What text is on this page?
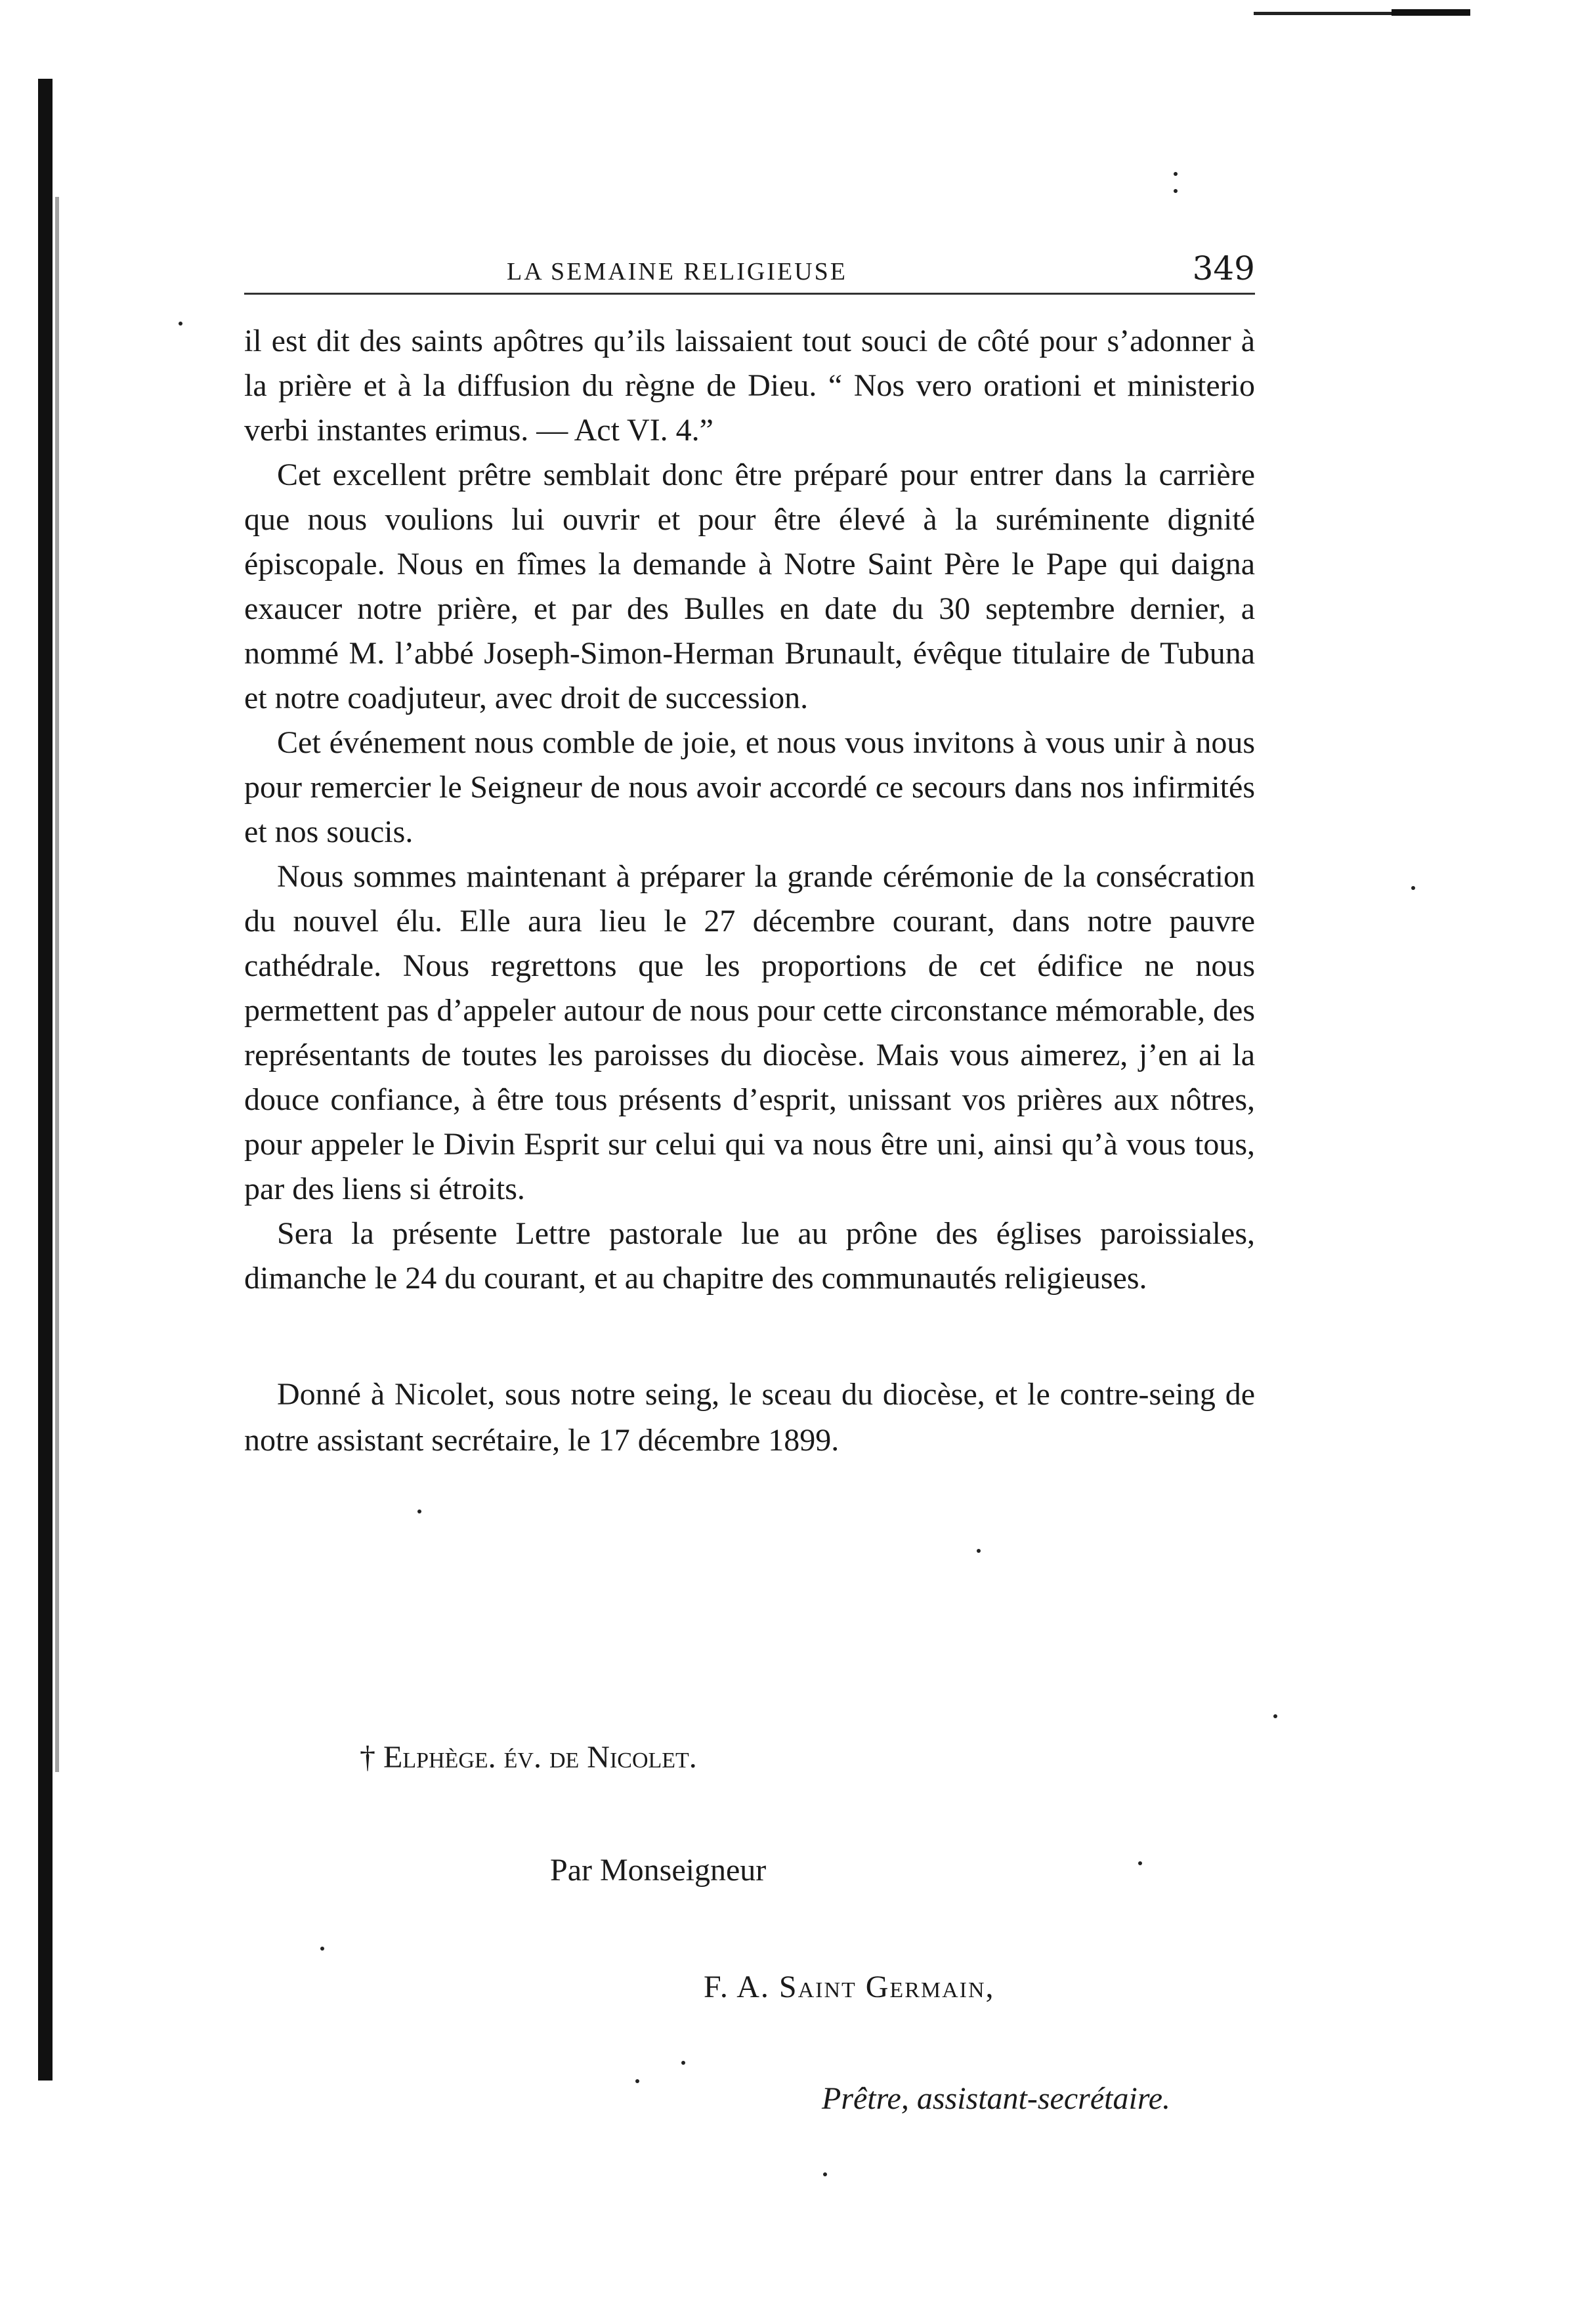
LA SEMAINE RELIGIEUSE	349

il est dit des saints apôtres qu’ils laissaient tout souci de côté pour s’adonner à la prière et à la diffusion du règne de Dieu. “ Nos vero orationi et ministerio verbi instantes erimus. — Act VI. 4.”

Cet excellent prêtre semblait donc être préparé pour entrer dans la carrière que nous voulions lui ouvrir et pour être élevé à la suréminente dignité épiscopale. Nous en fîmes la demande à Notre Saint Père le Pape qui daigna exaucer notre prière, et par des Bulles en date du 30 septembre dernier, a nommé M. l’abbé Joseph-Simon-Herman Brunault, évêque titulaire de Tubuna et notre coadjuteur, avec droit de succession.

Cet événement nous comble de joie, et nous vous invitons à vous unir à nous pour remercier le Seigneur de nous avoir accordé ce secours dans nos infirmités et nos soucis.

Nous sommes maintenant à préparer la grande cérémonie de la consécration du nouvel élu. Elle aura lieu le 27 décembre courant, dans notre pauvre cathédrale. Nous regrettons que les proportions de cet édifice ne nous permettent pas d’appeler autour de nous pour cette circonstance mémorable, des représentants de toutes les paroisses du diocèse. Mais vous aimerez, j’en ai la douce confiance, à être tous présents d’esprit, unissant vos prières aux nôtres, pour appeler le Divin Esprit sur celui qui va nous être uni, ainsi qu’à vous tous, par des liens si étroits.

Sera la présente Lettre pastorale lue au prône des églises paroissiales, dimanche le 24 du courant, et au chapitre des communautés religieuses.

Donné à Nicolet, sous notre seing, le sceau du diocèse, et le contre-seing de notre assistant secrétaire, le 17 décembre 1899.

† Elphège. év. de Nicolet.
Par Monseigneur
F. A. Saint Germain,
Prêtre, assistant-secrétaire.
